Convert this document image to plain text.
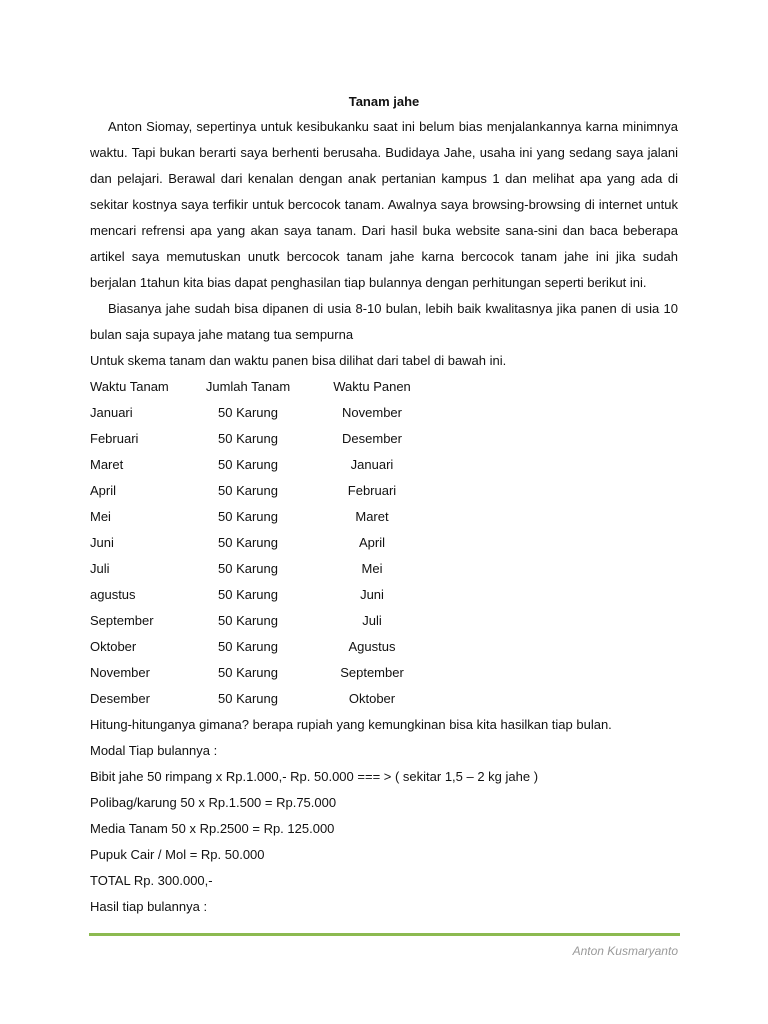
Tanam jahe

Anton Siomay, sepertinya untuk kesibukanku saat ini belum bias menjalankannya karna minimnya waktu. Tapi bukan berarti saya berhenti berusaha. Budidaya Jahe, usaha ini yang sedang saya jalani dan pelajari. Berawal dari kenalan dengan anak pertanian kampus 1 dan melihat apa yang ada di sekitar kostnya saya terfikir untuk bercocok tanam. Awalnya saya browsing-browsing di internet untuk mencari refrensi apa yang akan saya tanam. Dari hasil buka website sana-sini dan baca beberapa artikel saya memutuskan unutk bercocok tanam jahe karna bercocok tanam jahe ini jika sudah berjalan 1tahun kita bias dapat penghasilan tiap bulannya dengan perhitungan seperti berikut ini.

Biasanya jahe sudah bisa dipanen di usia 8-10 bulan, lebih baik kwalitasnya jika panen di usia 10 bulan saja supaya jahe matang tua sempurna

Untuk skema tanam dan waktu panen bisa dilihat dari tabel di bawah ini.

Waktu Tanam	Jumlah Tanam	Waktu Panen
Januari	50 Karung	November
Februari	50 Karung	Desember
Maret	50 Karung	Januari
April	50 Karung	Februari
Mei	50 Karung	Maret
Juni	50 Karung	April
Juli	50 Karung	Mei
agustus	50 Karung	Juni
September	50 Karung	Juli
Oktober	50 Karung	Agustus
November	50 Karung	September
Desember	50 Karung	Oktober

Hitung-hitunganya gimana? berapa rupiah yang kemungkinan bisa kita hasilkan tiap bulan.

Modal Tiap bulannya :

Bibit jahe 50 rimpang x Rp.1.000,- Rp. 50.000 === > ( sekitar 1,5 – 2 kg jahe )

Polibag/karung 50 x Rp.1.500 = Rp.75.000

Media Tanam 50 x Rp.2500 = Rp. 125.000

Pupuk Cair / Mol = Rp. 50.000

TOTAL Rp. 300.000,-

Hasil tiap bulannya :

Anton Kusmaryanto
